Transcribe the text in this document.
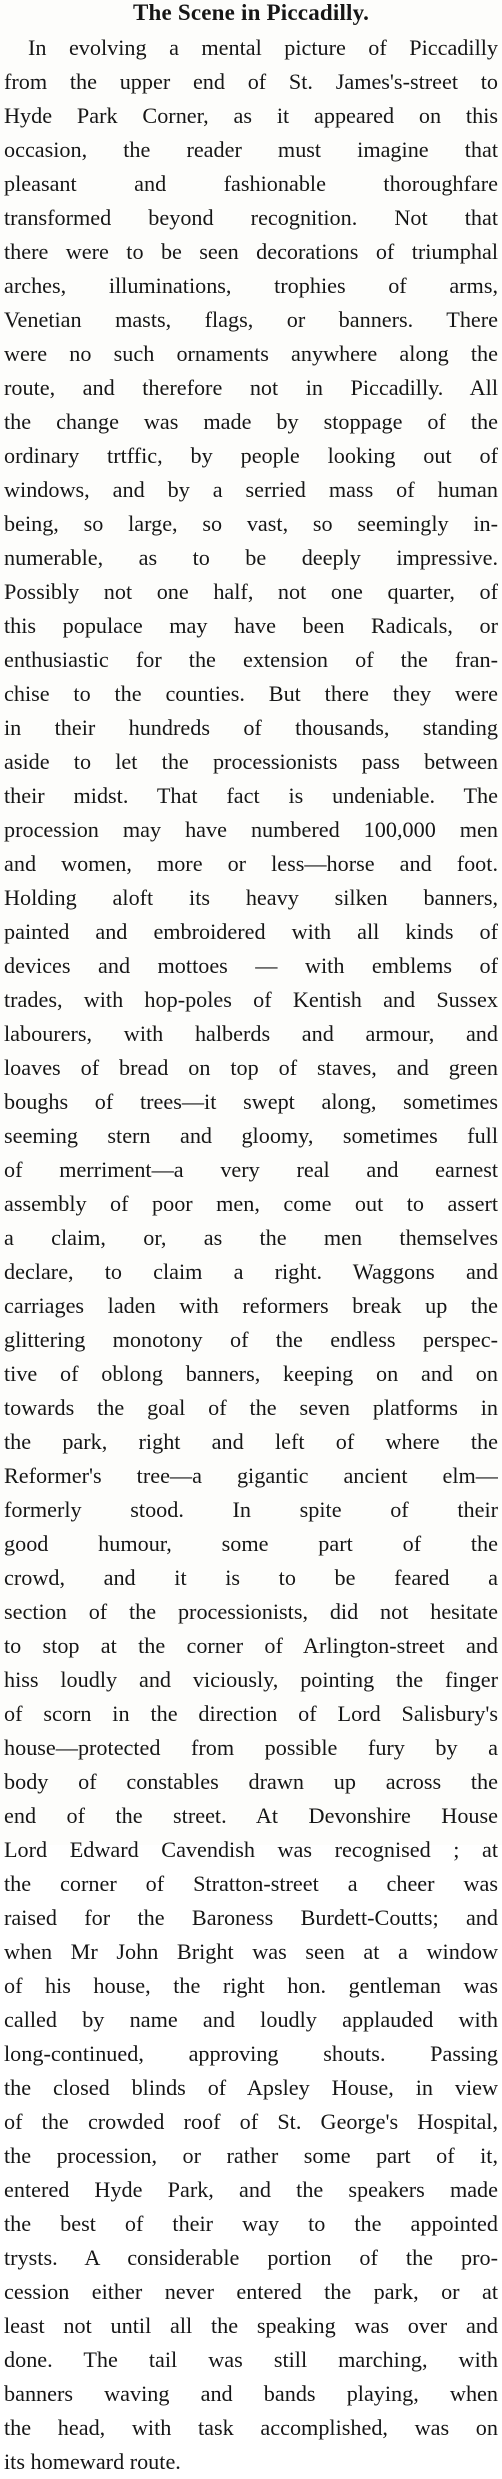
The Scene in Piccadilly.
In evolving a mental picture of Piccadilly
from the upper end of St. James's-street to
Hyde Park Corner, as it appeared on this
occasion, the reader must imagine that
pleasant and fashionable thoroughfare
transformed beyond recognition. Not that
there were to be seen decorations of triumphal
arches, illuminations, trophies of arms,
Venetian masts, flags, or banners. There
were no such ornaments anywhere along the
route, and therefore not in Piccadilly. All
the change was made by stoppage of the
ordinary trtffic, by people looking out of
windows, and by a serried mass of human
being, so large, so vast, so seemingly in-
numerable, as to be deeply impressive.
Possibly not one half, not one quarter, of
this populace may have been Radicals, or
enthusiastic for the extension of the fran-
chise to the counties. But there they were
in their hundreds of thousands, standing
aside to let the processionists pass between
their midst. That fact is undeniable. The
procession may have numbered 100,000 men
and women, more or less—horse and foot.
Holding aloft its heavy silken banners,
painted and embroidered with all kinds of
devices and mottoes — with emblems of
trades, with hop-poles of Kentish and Sussex
labourers, with halberds and armour, and
loaves of bread on top of staves, and green
boughs of trees—it swept along, sometimes
seeming stern and gloomy, sometimes full
of merriment—a very real and earnest
assembly of poor men, come out to assert
a claim, or, as the men themselves
declare, to claim a right. Waggons and
carriages laden with reformers break up the
glittering monotony of the endless perspec-
tive of oblong banners, keeping on and on
towards the goal of the seven platforms in
the park, right and left of where the
Reformer's tree—a gigantic ancient elm—
formerly stood. In spite of their
good humour, some part of the
crowd, and it is to be feared a
section of the processionists, did not hesitate
to stop at the corner of Arlington-street and
hiss loudly and viciously, pointing the finger
of scorn in the direction of Lord Salisbury's
house—protected from possible fury by a
body of constables drawn up across the
end of the street. At Devonshire House
Lord Edward Cavendish was recognised ; at
the corner of Stratton-street a cheer was
raised for the Baroness Burdett-Coutts; and
when Mr John Bright was seen at a window
of his house, the right hon. gentleman was
called by name and loudly applauded with
long-continued, approving shouts. Passing
the closed blinds of Apsley House, in view
of the crowded roof of St. George's Hospital,
the procession, or rather some part of it,
entered Hyde Park, and the speakers made
the best of their way to the appointed
trysts. A considerable portion of the pro-
cession either never entered the park, or at
least not until all the speaking was over and
done. The tail was still marching, with
banners waving and bands playing, when
the head, with task accomplished, was on
its homeward route.
